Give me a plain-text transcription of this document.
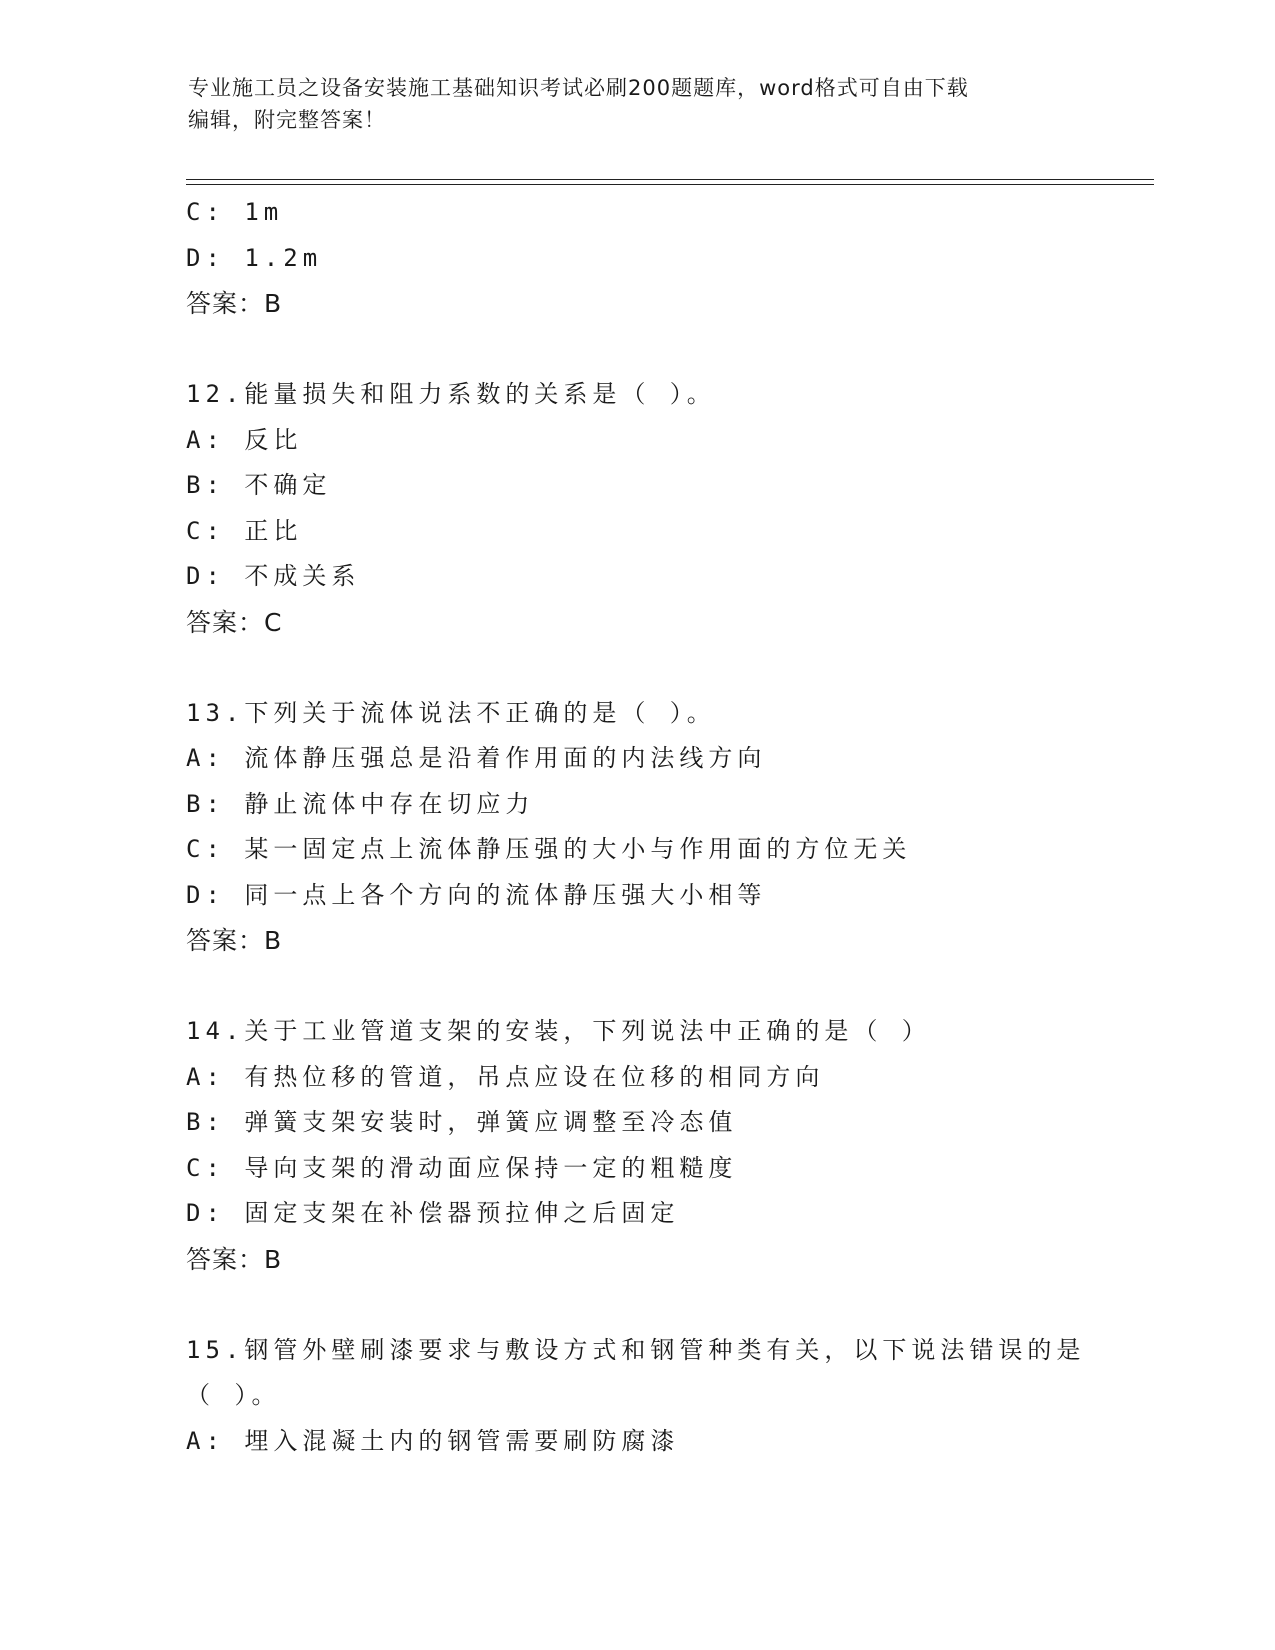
专业施工员之设备安装施工基础知识考试必刷200题题库，word格式可自由下载
编辑，附完整答案！
C: 1m
D: 1.2m
答案：B
12.能量损失和阻力系数的关系是（ ）。
A: 反比
B: 不确定
C: 正比
D: 不成关系
答案：C
13.下列关于流体说法不正确的是（ ）。
A: 流体静压强总是沿着作用面的内法线方向
B: 静止流体中存在切应力
C: 某一固定点上流体静压强的大小与作用面的方位无关
D: 同一点上各个方向的流体静压强大小相等
答案：B
14.关于工业管道支架的安装，下列说法中正确的是（ ）
A: 有热位移的管道，吊点应设在位移的相同方向
B: 弹簧支架安装时，弹簧应调整至冷态值
C: 导向支架的滑动面应保持一定的粗糙度
D: 固定支架在补偿器预拉伸之后固定
答案：B
15.钢管外壁刷漆要求与敷设方式和钢管种类有关，以下说法错误的是
（ ）。
A: 埋入混凝土内的钢管需要刷防腐漆
